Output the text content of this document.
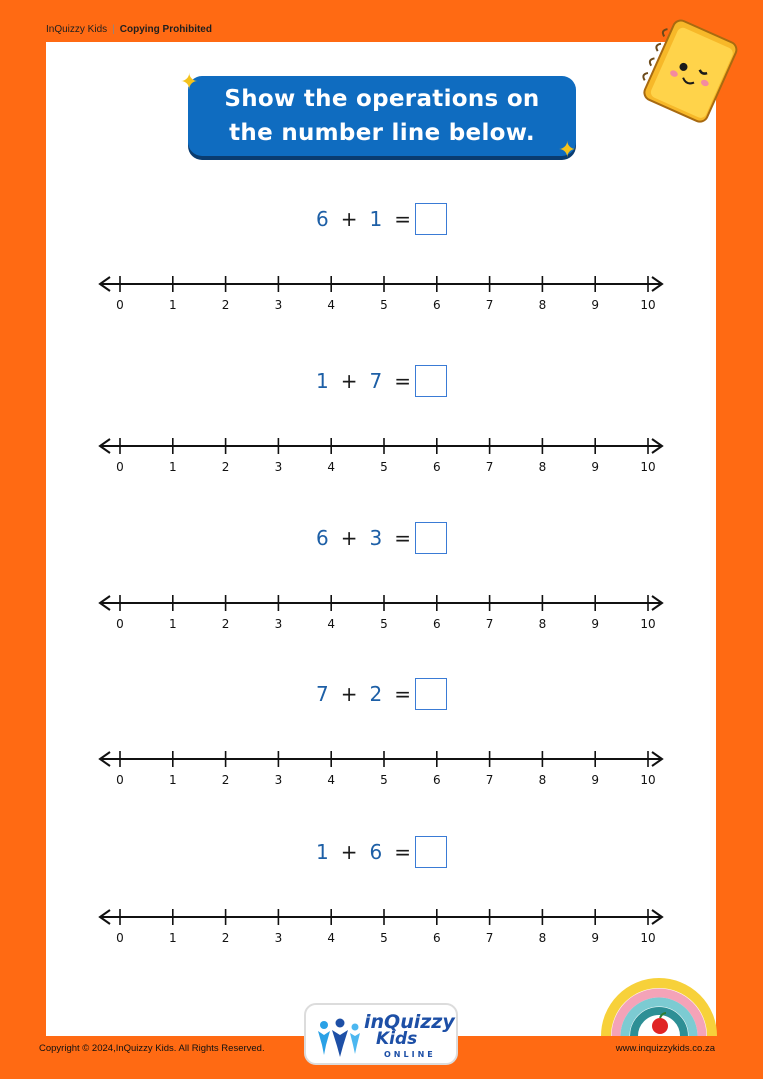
InQuizzy Kids | Copying Prohibited
Show the operations on
the number line below.
✦
✦
6 + 1 =
0	1	2	3	4	5	6	7	8	9	10
1 + 7 =
0	1	2	3	4	5	6	7	8	9	10
6 + 3 =
0	1	2	3	4	5	6	7	8	9	10
7 + 2 =
0	1	2	3	4	5	6	7	8	9	10
1 + 6 =
0	1	2	3	4	5	6	7	8	9	10
inQuizzy
Kids
ONLINE
Copyright © 2024,InQuizzy Kids. All Rights Reserved.	www.inquizzykids.co.za
